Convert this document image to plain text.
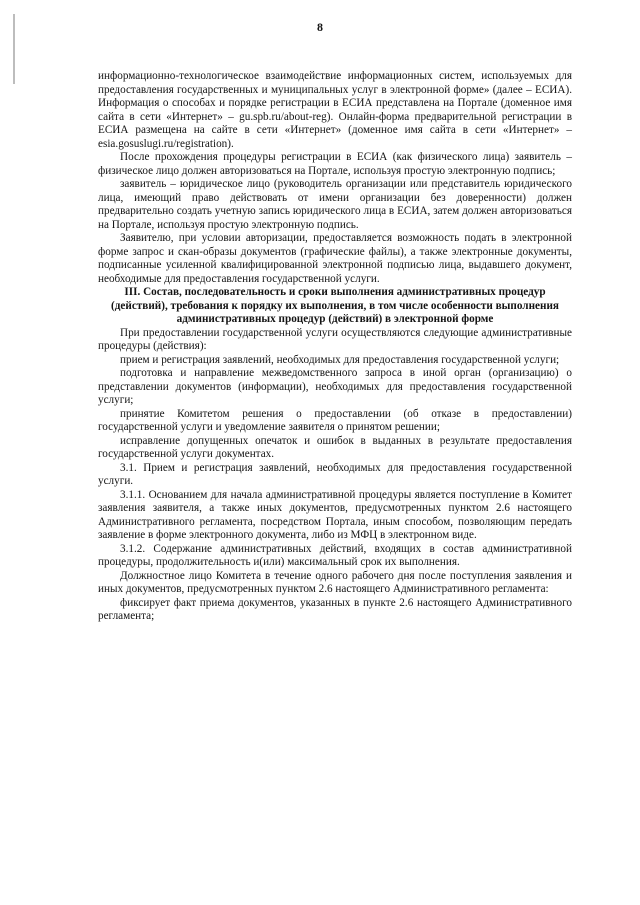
8

информационно-технологическое взаимодействие информационных систем, используемых для предоставления государственных и муниципальных услуг в электронной форме» (далее – ЕСИА). Информация о способах и порядке регистрации в ЕСИА представлена на Портале (доменное имя сайта в сети «Интернет» – gu.spb.ru/about-reg). Онлайн-форма предварительной регистрации в ЕСИА размещена на сайте в сети «Интернет» (доменное имя сайта в сети «Интернет» – esia.gosuslugi.ru/registration).

После прохождения процедуры регистрации в ЕСИА (как физического лица) заявитель – физическое лицо должен авторизоваться на Портале, используя простую электронную подпись;

заявитель – юридическое лицо (руководитель организации или представитель юридического лица, имеющий право действовать от имени организации без доверенности) должен предварительно создать учетную запись юридического лица в ЕСИА, затем должен авторизоваться на Портале, используя простую электронную подпись.

Заявителю, при условии авторизации, предоставляется возможность подать в электронной форме запрос и скан-образы документов (графические файлы), а также электронные документы, подписанные усиленной квалифицированной электронной подписью лица, выдавшего документ, необходимые для предоставления государственной услуги.

III. Состав, последовательность и сроки выполнения административных процедур (действий), требования к порядку их выполнения, в том числе особенности выполнения административных процедур (действий) в электронной форме

При предоставлении государственной услуги осуществляются следующие административные процедуры (действия):

прием и регистрация заявлений, необходимых для предоставления государственной услуги;

подготовка и направление межведомственного запроса в иной орган (организацию) о представлении документов (информации), необходимых для предоставления государственной услуги;

принятие Комитетом решения о предоставлении (об отказе в предоставлении) государственной услуги и уведомление заявителя о принятом решении;

исправление допущенных опечаток и ошибок в выданных в результате предоставления государственной услуги документах.

3.1. Прием и регистрация заявлений, необходимых для предоставления государственной услуги.

3.1.1. Основанием для начала административной процедуры является поступление в Комитет заявления заявителя, а также иных документов, предусмотренных пунктом 2.6 настоящего Административного регламента, посредством Портала, иным способом, позволяющим передать заявление в форме электронного документа, либо из МФЦ в электронном виде.

3.1.2. Содержание административных действий, входящих в состав административной процедуры, продолжительность и(или) максимальный срок их выполнения.

Должностное лицо Комитета в течение одного рабочего дня после поступления заявления и иных документов, предусмотренных пунктом 2.6 настоящего Административного регламента:

фиксирует факт приема документов, указанных в пункте 2.6 настоящего Административного регламента;
